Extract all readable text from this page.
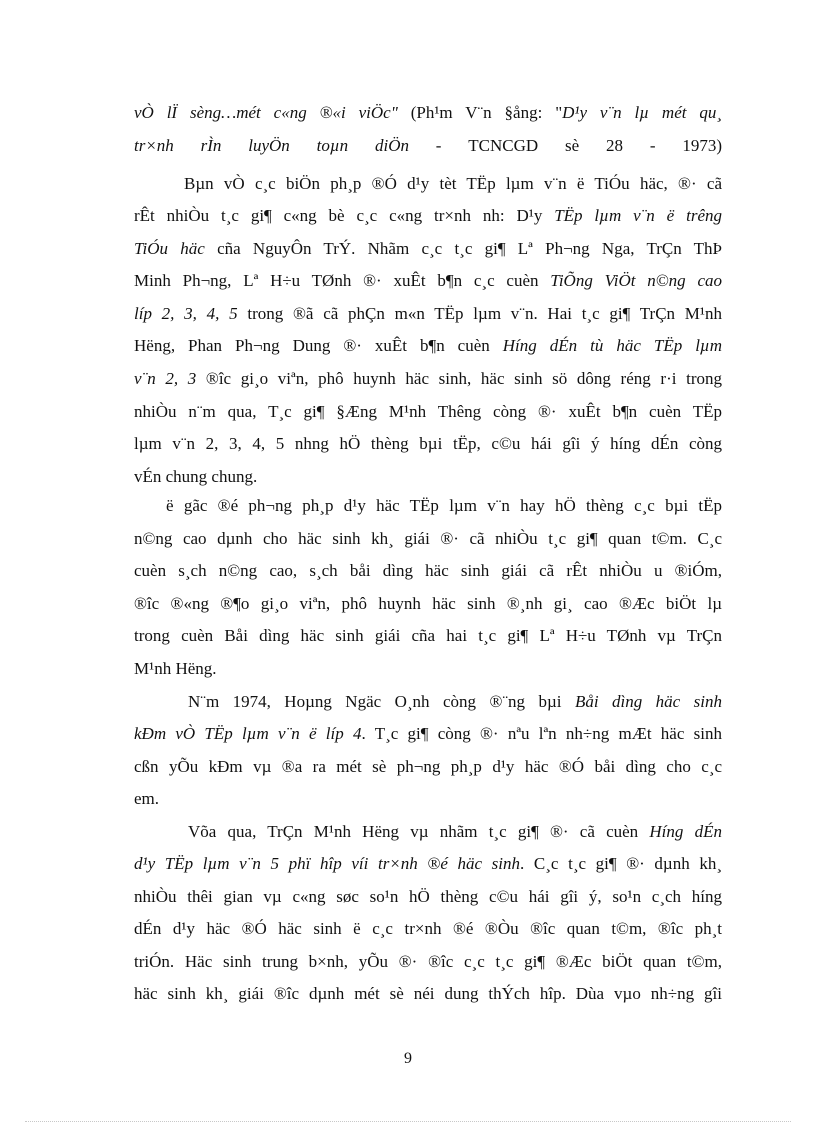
vÒ lÏ sèng…mét c«ng ®«i viÖc" (Ph¹m V¨n §ång: "D¹y v¨n lµ mét qu¸
tr×nh rÌn luyÖn toµn diÖn - TCNCGD sè 28 - 1973)
Bµn vÒ c¸c biÖn ph¸p ®Ó d¹y tèt TËp lµm v¨n ë TiÓu häc, ®· cã
rÊt nhiÒu t¸c gi¶ c«ng bè c¸c c«ng tr×nh nh: D¹y TËp lµm v¨n ë trêng
TiÓu häc cña NguyÔn TrÝ. Nhãm c¸c t¸c gi¶ Lª Ph¬ng Nga, TrÇn ThÞ
Minh Ph¬ng, Lª H÷u TØnh ®· xuÊt b¶n c¸c cuèn TiÕng ViÖt n©ng cao
líp 2, 3, 4, 5 trong ®ã cã phÇn m«n TËp lµm v¨n. Hai t¸c gi¶ TrÇn M¹nh
Hëng, Phan Ph¬ng Dung ®· xuÊt b¶n cuèn Híng dÉn tù häc TËp lµm
v¨n 2, 3 ®îc gi¸o viªn, phô huynh häc sinh, häc sinh sö dông réng r·i trong
nhiÒu n¨m qua, T¸c gi¶ §Æng M¹nh Thêng còng ®· xuÊt b¶n cuèn TËp
lµm v¨n 2, 3, 4, 5 nhng hÖ thèng bµi tËp, c©u hái gîi ý híng dÉn còng
vÉn chung chung.
ë gãc ®é ph¬ng ph¸p d¹y häc TËp lµm v¨n hay hÖ thèng c¸c bµi tËp
n©ng cao dµnh cho häc sinh kh¸ giái ®· cã nhiÒu t¸c gi¶ quan t©m. C¸c
cuèn s¸ch n©ng cao, s¸ch båi dìng häc sinh giái cã rÊt nhiÒu u ®iÓm,
®îc ®«ng ®¶o gi¸o viªn, phô huynh häc sinh ®¸nh gi¸ cao ®Æc biÖt lµ
trong cuèn Båi dìng häc sinh giái cña hai t¸c gi¶ Lª H÷u TØnh vµ TrÇn
M¹nh Hëng.
N¨m 1974, Hoµng Ngäc O¸nh còng ®¨ng bµi Båi dìng häc sinh
kÐm vÒ TËp lµm v¨n ë líp 4. T¸c gi¶ còng ®· nªu lªn nh÷ng mÆt häc sinh
cßn yÕu kÐm vµ ®a ra mét sè ph¬ng ph¸p d¹y häc ®Ó båi dìng cho c¸c
em.
Võa qua, TrÇn M¹nh Hëng vµ nhãm t¸c gi¶ ®· cã cuèn Híng dÉn
d¹y TËp lµm v¨n 5 phï hîp víi tr×nh ®é häc sinh. C¸c t¸c gi¶ ®· dµnh kh¸
nhiÒu thêi gian vµ c«ng søc so¹n hÖ thèng c©u hái gîi ý, so¹n c¸ch híng
dÉn d¹y häc ®Ó häc sinh ë c¸c tr×nh ®é ®Òu ®îc quan t©m, ®îc ph¸t
triÓn. Häc sinh trung b×nh, yÕu ®· ®îc c¸c t¸c gi¶ ®Æc biÖt quan t©m,
häc sinh kh¸ giái ®îc dµnh mét sè néi dung thÝch hîp. Dùa vµo nh÷ng gîi
9
